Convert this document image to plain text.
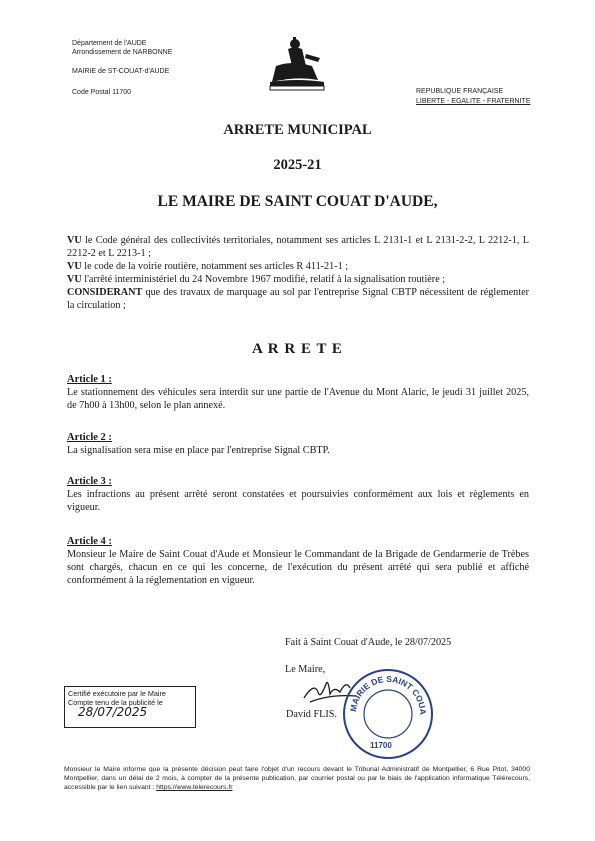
Département de l'AUDE
Arrondissement de NARBONNE
MAIRIE de ST-COUAT-d'AUDE
Code Postal 11700	REPUBLIQUE FRANÇAISE
LIBERTE - EGALITE - FRATERNITE
ARRETE MUNICIPAL
2025-21
LE MAIRE DE SAINT COUAT D'AUDE,
VU le Code général des collectivités territoriales, notamment ses articles L 2131-1 et L 2131-2-2, L 2212-1, L 2212-2 et L 2213-1 ;
VU le code de la voirie routière, notamment ses articles R 411-21-1 ;
VU l'arrêté interministériel du 24 Novembre 1967 modifié, relatif à la signalisation routière ;
CONSIDERANT que des travaux de marquage au sol par l'entreprise Signal CBTP nécessitent de réglementer la circulation ;
A R R E T E
Article 1 :
Le stationnement des véhicules sera interdit sur une partie de l'Avenue du Mont Alaric, le jeudi 31 juillet 2025, de 7h00 à 13h00, selon le plan annexé.
Article 2 :
La signalisation sera mise en place par l'entreprise Signal CBTP.
Article 3 :
Les infractions au présent arrêté seront constatées et poursuivies conformément aux lois et règlements en vigueur.
Article 4 :
Monsieur le Maire de Saint Couat d'Aude et Monsieur le Commandant de la Brigade de Gendarmerie de Trèbes sont chargés, chacun en ce qui les concerne, de l'exécution du présent arrêté qui sera publié et affiché conformément à la réglementation en vigueur.
Fait à Saint Couat d'Aude, le 28/07/2025
Le Maire,
David FLIS.
MAIRIE DE SAINT COUA
11700
Certifié exécutoire par le Maire
Compte tenu de la publicité le
28/07/2025
Monsieur le Maire informe que la présente décision peut faire l'objet d'un recours devant le Tribunal Administratif de Montpellier, 6 Rue Pitot, 34000 Montpellier, dans un délai de 2 mois, à compter de la présente publication, par courrier postal ou par le biais de l'application informatique Télérecours, accessible par le lien suivant : https://www.telerecours.fr
